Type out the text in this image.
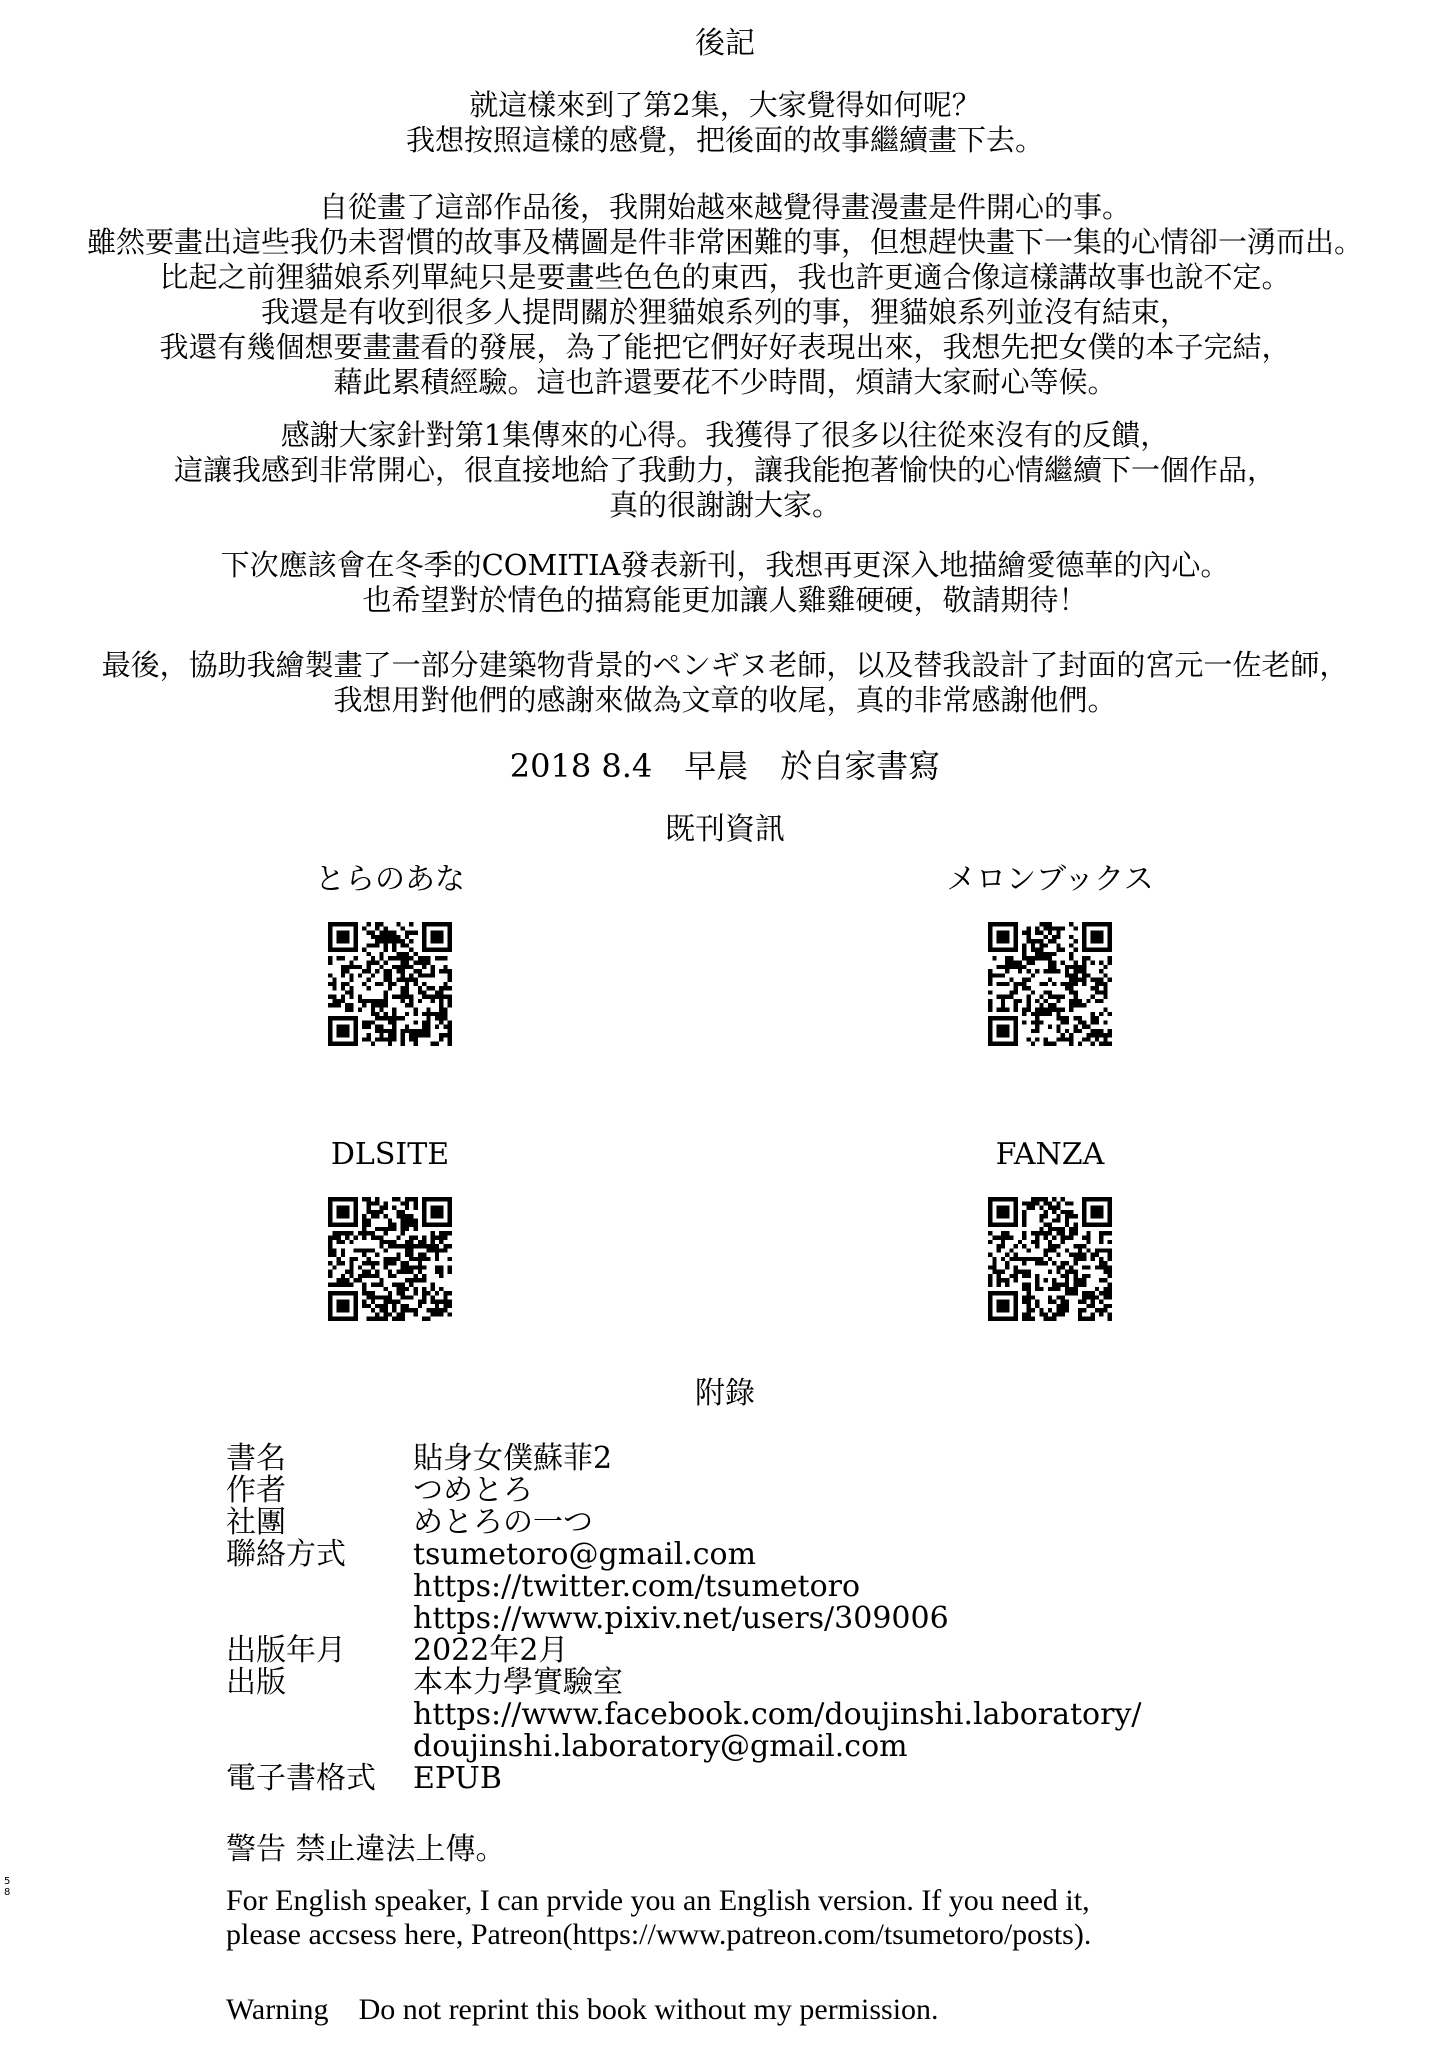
後記
就這樣來到了第2集，大家覺得如何呢？
我想按照這樣的感覺，把後面的故事繼續畫下去。
自從畫了這部作品後，我開始越來越覺得畫漫畫是件開心的事。
雖然要畫出這些我仍未習慣的故事及構圖是件非常困難的事，但想趕快畫下一集的心情卻一湧而出。
比起之前狸貓娘系列單純只是要畫些色色的東西，我也許更適合像這樣講故事也說不定。
我還是有收到很多人提問關於狸貓娘系列的事，狸貓娘系列並沒有結束，
我還有幾個想要畫畫看的發展，為了能把它們好好表現出來，我想先把女僕的本子完結，
藉此累積經驗。這也許還要花不少時間，煩請大家耐心等候。
感謝大家針對第1集傳來的心得。我獲得了很多以往從來沒有的反饋，
這讓我感到非常開心，很直接地給了我動力，讓我能抱著愉快的心情繼續下一個作品，
真的很謝謝大家。
下次應該會在冬季的COMITIA發表新刊，我想再更深入地描繪愛德華的內心。
也希望對於情色的描寫能更加讓人雞雞硬硬，敬請期待！
最後，協助我繪製畫了一部分建築物背景的ペンギヌ老師，以及替我設計了封面的宮元一佐老師，
我想用對他們的感謝來做為文章的收尾，真的非常感謝他們。
2018 8.4　早晨　於自家書寫
既刊資訊
とらのあな	メロンブックス
DLSITE	FANZA
附錄
書名	貼身女僕蘇菲2
作者	つめとろ
社團	めとろの一つ
聯絡方式	tsumetoro@gmail.com
https://twitter.com/tsumetoro
https://www.pixiv.net/users/309006
出版年月	2022年2月
出版	本本力學實驗室
https://www.facebook.com/doujinshi.laboratory/
doujinshi.laboratory@gmail.com
電子書格式	EPUB
警告 禁止違法上傳。
For English speaker, I can prvide you an English version. If you need it,
please accsess here, Patreon(https://www.patreon.com/tsumetoro/posts).
Warning Do not reprint this book without my permission.
5
8
